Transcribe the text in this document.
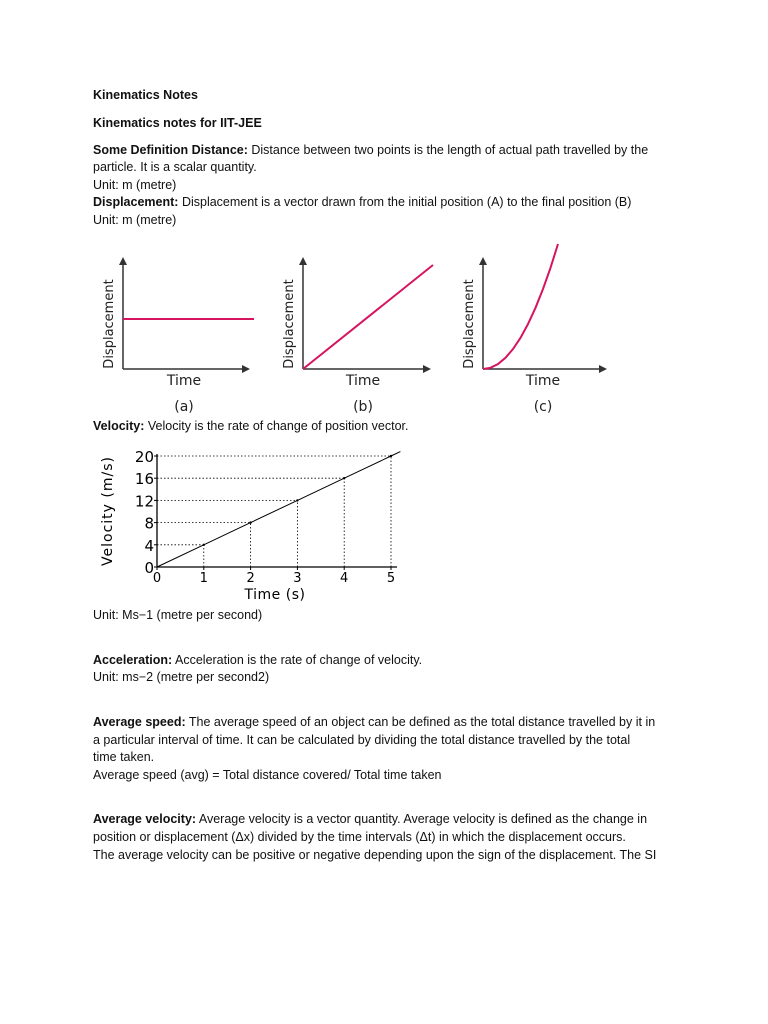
Kinematics Notes
Kinematics notes for IIT-JEE
Some Definition Distance: Distance between two points is the length of actual path travelled by the
particle. It is a scalar quantity.
Unit: m (metre)
Displacement: Displacement is a vector drawn from the initial position (A) to the final position (B)
Unit: m (metre)
Displacement
Time
(a)
Displacement
Time
(b)
Displacement
Time
(c)
Velocity: Velocity is the rate of change of position vector.
0
4
8
12
16
20
0	1	2	3	4	5
Time (s)
Velocity (m/s)
Unit: Ms−1 (metre per second)
Acceleration: Acceleration is the rate of change of velocity.
Unit: ms−2 (metre per second2)
Average speed: The average speed of an object can be defined as the total distance travelled by it in
a particular interval of time. It can be calculated by dividing the total distance travelled by the total
time taken.
Average speed (avg) = Total distance covered/ Total time taken
Average velocity: Average velocity is a vector quantity. Average velocity is defined as the change in
position or displacement (Δx) divided by the time intervals (Δt) in which the displacement occurs.
The average velocity can be positive or negative depending upon the sign of the displacement. The SI
